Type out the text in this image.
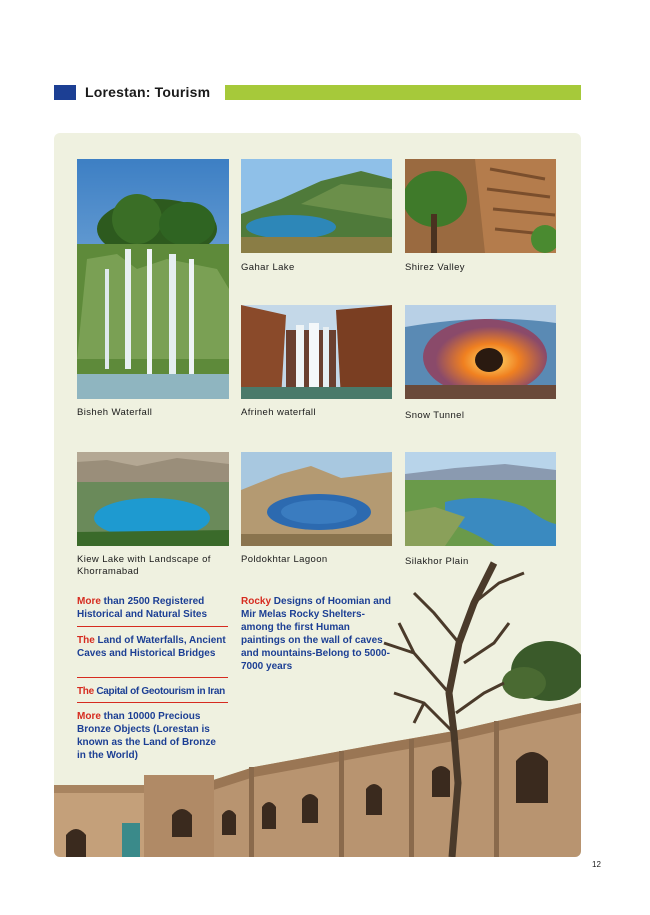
Lorestan: Tourism
Bisheh Waterfall
Gahar Lake	Shirez Valley
Afrineh waterfall	Snow Tunnel
Kiew Lake with Landscape of Khorramabad
Poldokhtar Lagoon	Silakhor Plain
More than 2500 Registered Historical and Natural Sites
The Land of Waterfalls, Ancient Caves and Historical Bridges
The Capital of Geotourism in Iran
More than 10000 Precious Bronze Objects (Lorestan is known as the Land of Bronze in the World)
Rocky Designs of Hoomian and Mir Melas Rocky Shelters-among the first Human paintings on the wall of caves and mountains-Belong to 5000-7000 years
12
